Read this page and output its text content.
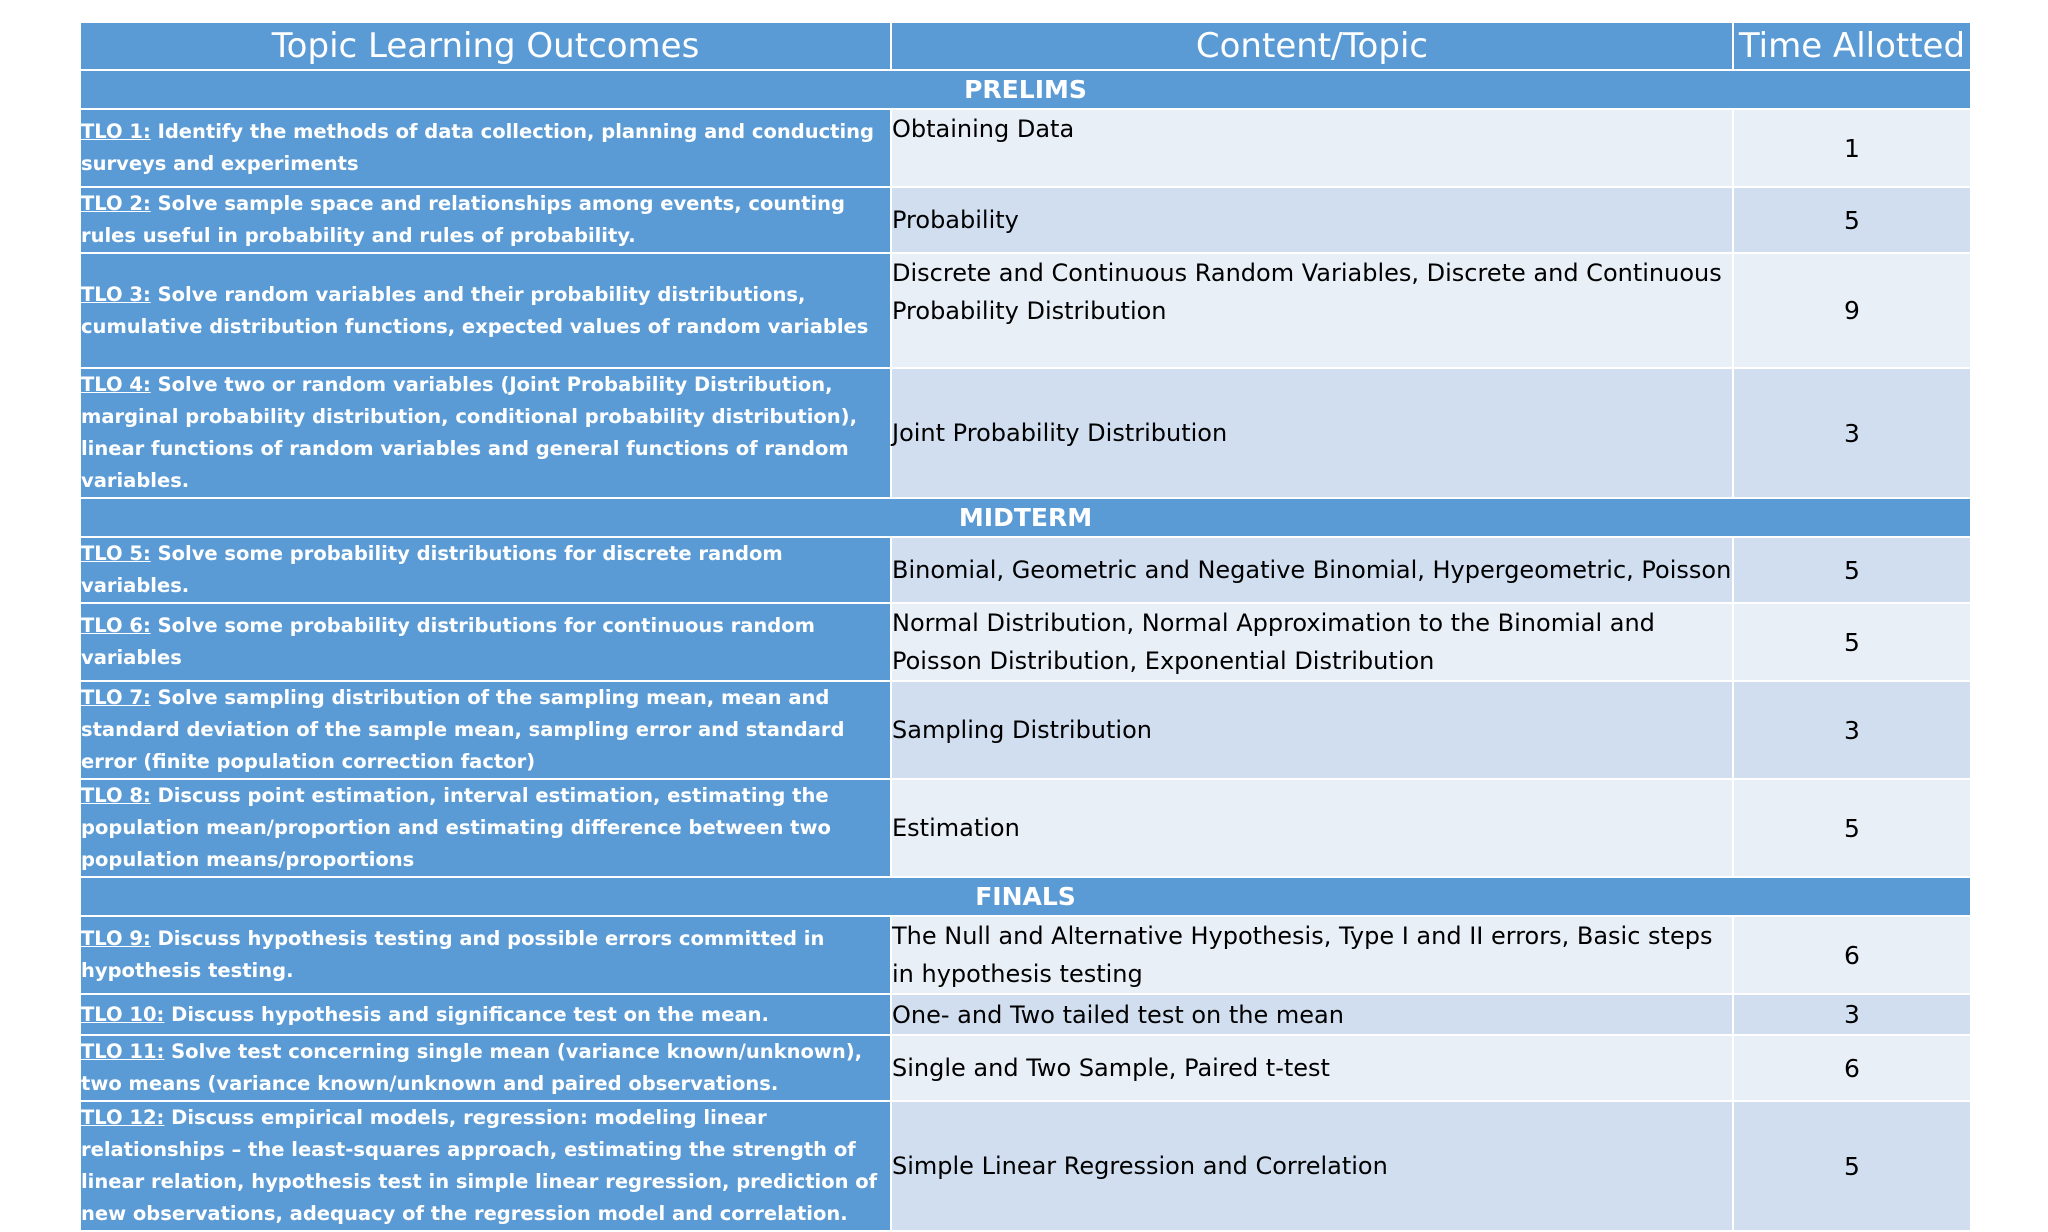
Topic Learning Outcomes	Content/Topic	Time Allotted
PRELIMS		
TLO 1: Identify the methods of data collection, planning and conducting surveys and experiments	Obtaining Data	1
TLO 2: Solve sample space and relationships among events, counting rules useful in probability and rules of probability.	Probability	5
TLO 3: Solve random variables and their probability distributions, cumulative distribution functions, expected values of random variables	Discrete and Continuous Random Variables, Discrete and Continuous Probability Distribution	9
TLO 4: Solve two or random variables (Joint Probability Distribution, marginal probability distribution, conditional probability distribution), linear functions of random variables and general functions of random variables.	Joint Probability Distribution	3
MIDTERM		
TLO 5: Solve some probability distributions for discrete random variables.	Binomial, Geometric and Negative Binomial, Hypergeometric, Poisson	5
TLO 6: Solve some probability distributions for continuous random variables	Normal Distribution, Normal Approximation to the Binomial and Poisson Distribution, Exponential Distribution	5
TLO 7: Solve sampling distribution of the sampling mean, mean and standard deviation of the sample mean, sampling error and standard error (finite population correction factor)	Sampling Distribution	3
TLO 8: Discuss point estimation, interval estimation, estimating the population mean/proportion and estimating difference between two population means/proportions	Estimation	5
FINALS		
TLO 9: Discuss hypothesis testing and possible errors committed in hypothesis testing.	The Null and Alternative Hypothesis, Type I and II errors, Basic steps in hypothesis testing	6
TLO 10: Discuss hypothesis and significance test on the mean.	One- and Two tailed test on the mean	3
TLO 11: Solve test concerning single mean (variance known/unknown), two means (variance known/unknown and paired observations.	Single and Two Sample, Paired t-test	6
TLO 12: Discuss empirical models, regression: modeling linear relationships – the least-squares approach, estimating the strength of linear relation, hypothesis test in simple linear regression, prediction of new observations, adequacy of the regression model and correlation.	Simple Linear Regression and Correlation	5
